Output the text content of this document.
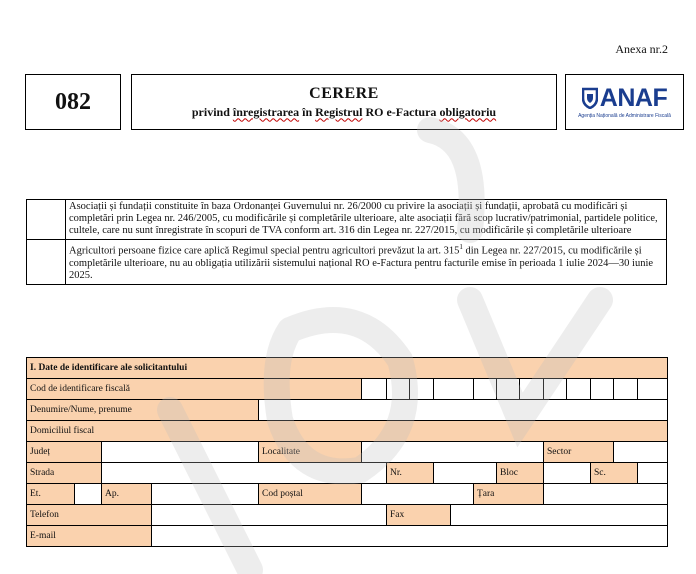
Anexa nr.2
082	CERERE
privind înregistrarea în Registrul RO e-Factura obligatoriu	ANAF
Agenția Națională de Administrare Fiscală
	Asociații și fundații constituite în baza Ordonanței Guvernului nr. 26/2000 cu privire la asociații și fundații, aprobată cu modificări și completări prin Legea nr. 246/2005, cu modificările și completările ulterioare, alte asociații fără scop lucrativ/patrimonial, partidele politice, cultele, care nu sunt înregistrate în scopuri de TVA conform art. 316 din Legea nr. 227/2015, cu modificările și completările ulterioare
	Agricultori persoane fizice care aplică Regimul special pentru agricultori prevăzut la art. $315^1$ din Legea nr. 227/2015, cu modificările și completările ulterioare, nu au obligația utilizării sistemului național RO e-Factura pentru facturile emise în perioada 1 iulie 2024—30 iunie 2025.
I. Date de identificare ale solicitantului																	
Cod de identificare fiscală																	
Denumire/Nume, prenume																	
Domiciliul fiscal																	
Județ				Localitate									Sector				
Strada						Nr.					Bloc				Sc.		
Et.		Ap.		Cod poștal						Țara							
Telefon						Fax											
E-mail																	
